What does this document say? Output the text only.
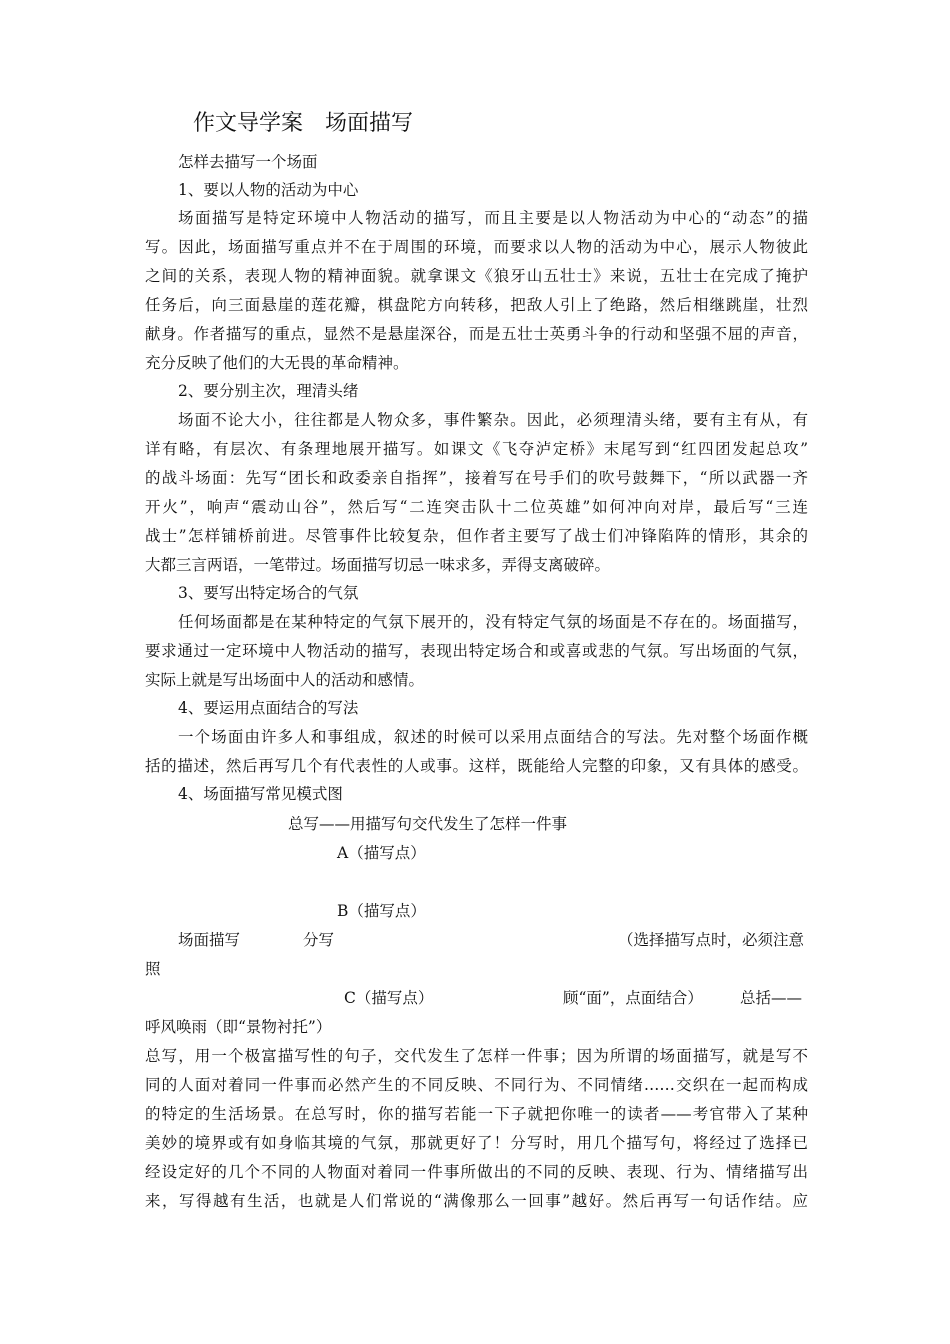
作文导学案 场面描写
怎样去描写一个场面
1、要以人物的活动为中心
场面描写是特定环境中人物活动的描写，而且主要是以人物活动为中心的“动态”的描
写。因此，场面描写重点并不在于周围的环境，而要求以人物的活动为中心，展示人物彼此
之间的关系，表现人物的精神面貌。就拿课文《狼牙山五壮士》来说，五壮士在完成了掩护
任务后，向三面悬崖的莲花瓣，棋盘陀方向转移，把敌人引上了绝路，然后相继跳崖，壮烈
献身。作者描写的重点，显然不是悬崖深谷，而是五壮士英勇斗争的行动和坚强不屈的声音，
充分反映了他们的大无畏的革命精神。
2、要分别主次，理清头绪
场面不论大小，往往都是人物众多，事件繁杂。因此，必须理清头绪，要有主有从，有
详有略，有层次、有条理地展开描写。如课文《飞夺泸定桥》末尾写到“红四团发起总攻”
的战斗场面：先写“团长和政委亲自指挥”，接着写在号手们的吹号鼓舞下，“所以武器一齐
开火”，响声“震动山谷”，然后写“二连突击队十二位英雄”如何冲向对岸，最后写“三连
战士”怎样铺桥前进。尽管事件比较复杂，但作者主要写了战士们冲锋陷阵的情形，其余的
大都三言两语，一笔带过。场面描写切忌一味求多，弄得支离破碎。
3、要写出特定场合的气氛
任何场面都是在某种特定的气氛下展开的，没有特定气氛的场面是不存在的。场面描写，
要求通过一定环境中人物活动的描写，表现出特定场合和或喜或悲的气氛。写出场面的气氛，
实际上就是写出场面中人的活动和感情。
4、要运用点面结合的写法
一个场面由许多人和事组成，叙述的时候可以采用点面结合的写法。先对整个场面作概
括的描述，然后再写几个有代表性的人或事。这样，既能给人完整的印象，又有具体的感受。
4、场面描写常见模式图
总写——用描写句交代发生了怎样一件事
A（描写点）
B（描写点）
场面描写	分写	（选择描写点时，必须注意
照
C（描写点）	顾“面”，点面结合） 总括——
呼风唤雨（即“景物衬托”）
总写，用一个极富描写性的句子，交代发生了怎样一件事；因为所谓的场面描写，就是写不
同的人面对着同一件事而必然产生的不同反映、不同行为、不同情绪……交织在一起而构成
的特定的生活场景。在总写时，你的描写若能一下子就把你唯一的读者——考官带入了某种
美妙的境界或有如身临其境的气氛，那就更好了！分写时，用几个描写句，将经过了选择已
经设定好的几个不同的人物面对着同一件事所做出的不同的反映、表现、行为、情绪描写出
来，写得越有生活，也就是人们常说的“满像那么一回事”越好。然后再写一句话作结。应
